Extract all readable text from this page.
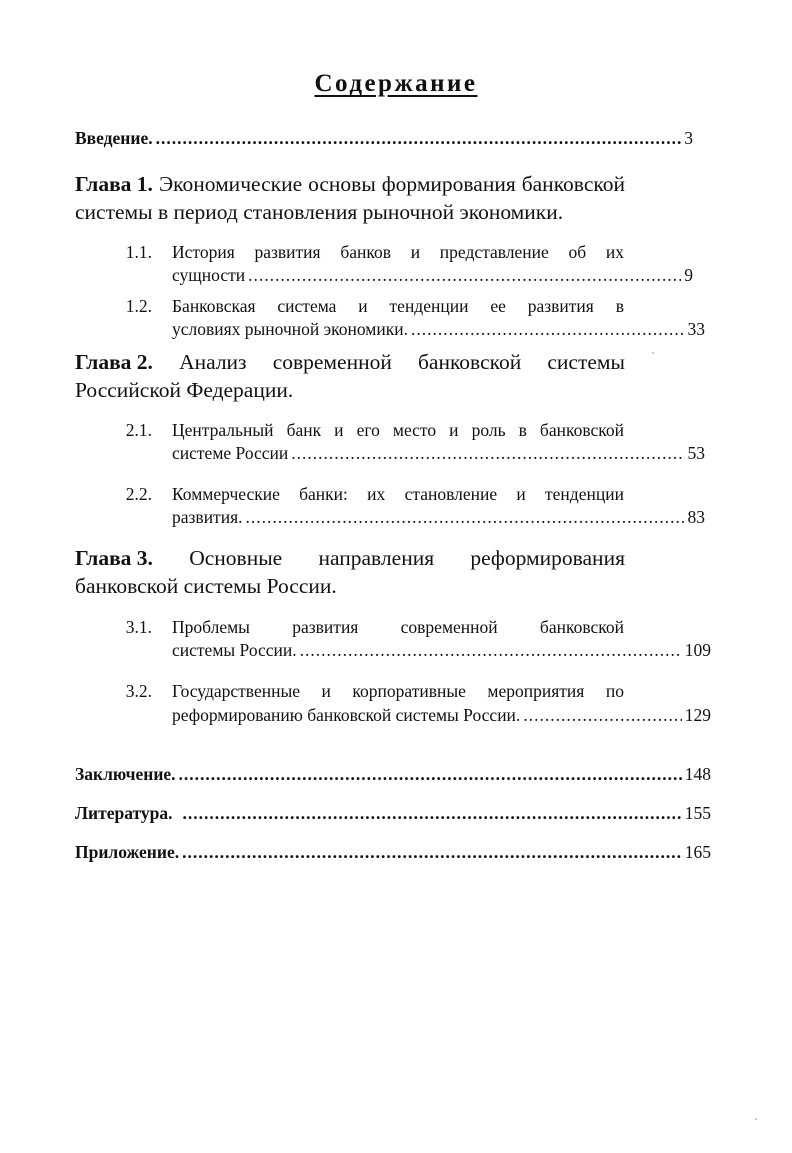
Содержание
Введение. .....	3
Глава 1. Экономические основы формирования банковской
системы в период становления рыночной экономики.
1.1. История развития банков и представление об их
сущности .....	9
1.2. Банковская система и тенденции ее развития в
условиях рыночной экономики. .....	33
Глава 2. Анализ современной банковской системы
Российской Федерации.
2.1. Центральный банк и его место и роль в банковской
системе России .....	53
2.2. Коммерческие банки: их становление и тенденции
развития. .....	83
Глава 3. Основные направления реформирования
банковской системы России.
3.1. Проблемы развития современной банковской
системы России. .....	109
3.2. Государственные и корпоративные мероприятия по
реформированию банковской системы России. .....	129
Заключение. .....	148
Литература. .....	155
Приложение. .....	165
